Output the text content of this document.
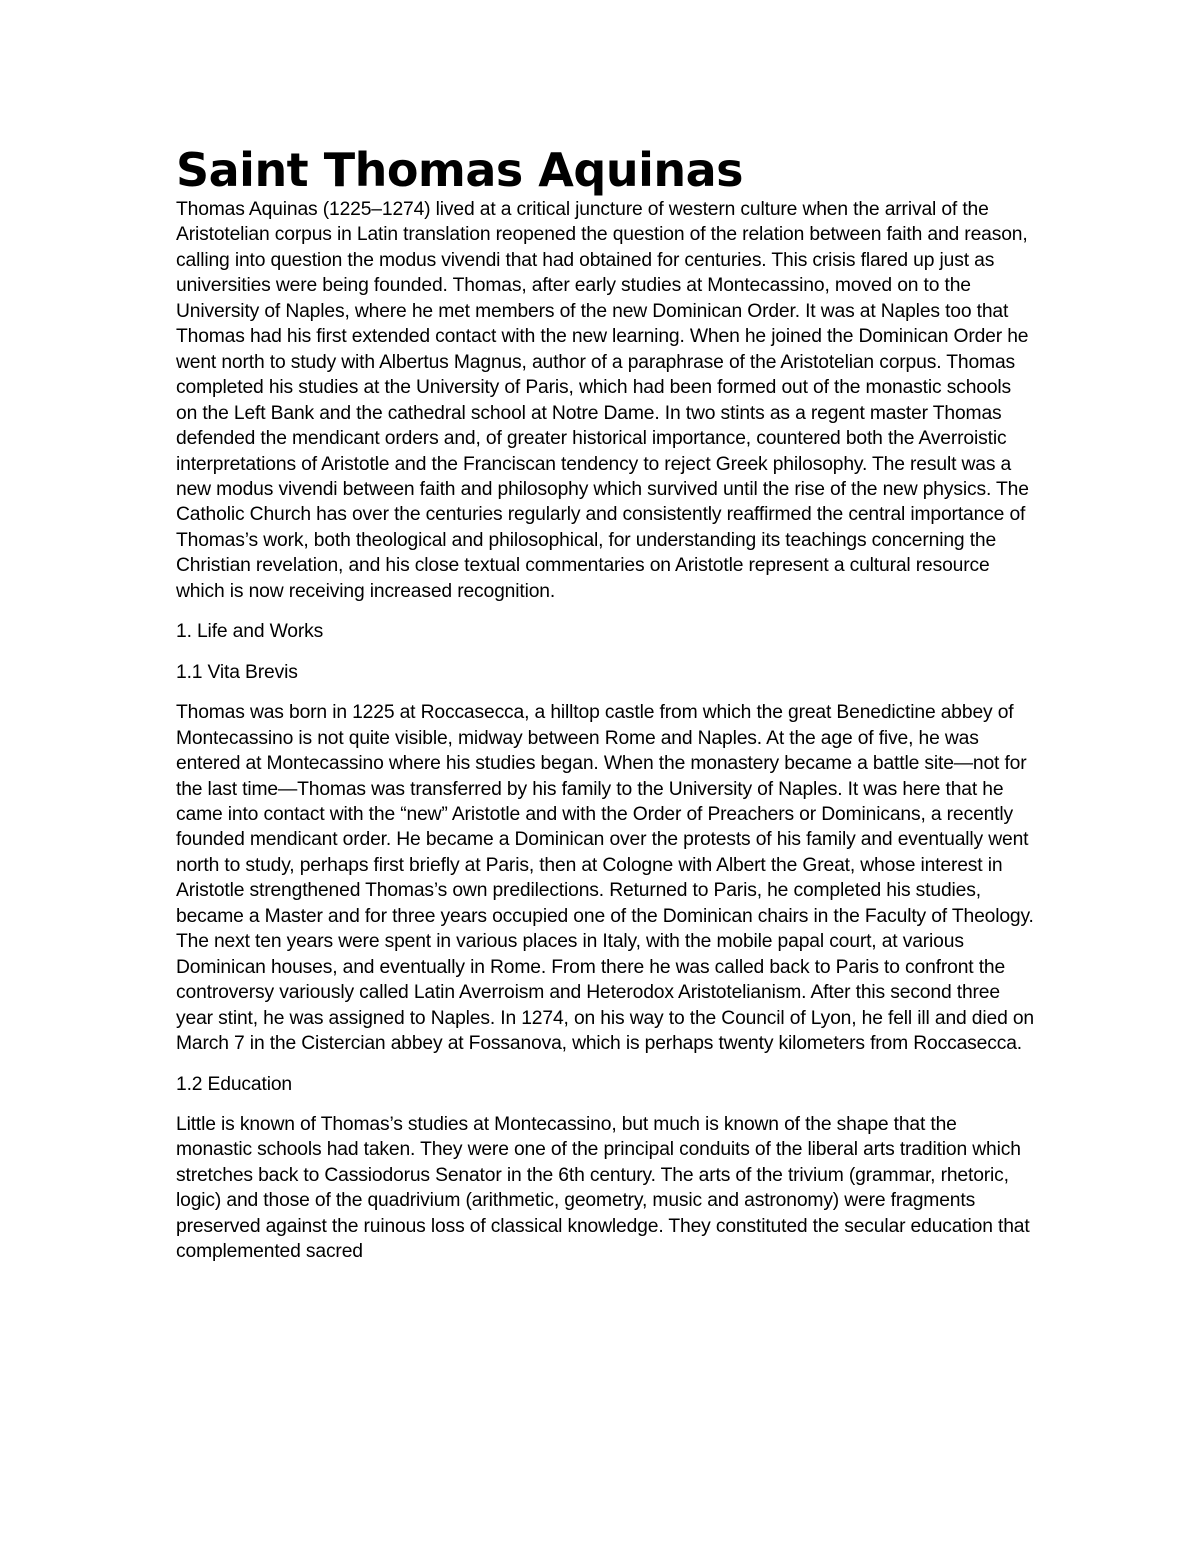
Saint Thomas Aquinas

Thomas Aquinas (1225–1274) lived at a critical juncture of western culture when the arrival of the Aristotelian corpus in Latin translation reopened the question of the relation between faith and reason, calling into question the modus vivendi that had obtained for centuries. This crisis flared up just as universities were being founded. Thomas, after early studies at Montecassino, moved on to the University of Naples, where he met members of the new Dominican Order. It was at Naples too that Thomas had his first extended contact with the new learning. When he joined the Dominican Order he went north to study with Albertus Magnus, author of a paraphrase of the Aristotelian corpus. Thomas completed his studies at the University of Paris, which had been formed out of the monastic schools on the Left Bank and the cathedral school at Notre Dame. In two stints as a regent master Thomas defended the mendicant orders and, of greater historical importance, countered both the Averroistic interpretations of Aristotle and the Franciscan tendency to reject Greek philosophy. The result was a new modus vivendi between faith and philosophy which survived until the rise of the new physics. The Catholic Church has over the centuries regularly and consistently reaffirmed the central importance of Thomas’s work, both theological and philosophical, for understanding its teachings concerning the Christian revelation, and his close textual commentaries on Aristotle represent a cultural resource which is now receiving increased recognition.

1. Life and Works

1.1 Vita Brevis

Thomas was born in 1225 at Roccasecca, a hilltop castle from which the great Benedictine abbey of Montecassino is not quite visible, midway between Rome and Naples. At the age of five, he was entered at Montecassino where his studies began. When the monastery became a battle site—not for the last time—Thomas was transferred by his family to the University of Naples. It was here that he came into contact with the “new” Aristotle and with the Order of Preachers or Dominicans, a recently founded mendicant order. He became a Dominican over the protests of his family and eventually went north to study, perhaps first briefly at Paris, then at Cologne with Albert the Great, whose interest in Aristotle strengthened Thomas’s own predilections. Returned to Paris, he completed his studies, became a Master and for three years occupied one of the Dominican chairs in the Faculty of Theology. The next ten years were spent in various places in Italy, with the mobile papal court, at various Dominican houses, and eventually in Rome. From there he was called back to Paris to confront the controversy variously called Latin Averroism and Heterodox Aristotelianism. After this second three year stint, he was assigned to Naples. In 1274, on his way to the Council of Lyon, he fell ill and died on March 7 in the Cistercian abbey at Fossanova, which is perhaps twenty kilometers from Roccasecca.

1.2 Education

Little is known of Thomas’s studies at Montecassino, but much is known of the shape that the monastic schools had taken. They were one of the principal conduits of the liberal arts tradition which stretches back to Cassiodorus Senator in the 6th century. The arts of the trivium (grammar, rhetoric, logic) and those of the quadrivium (arithmetic, geometry, music and astronomy) were fragments preserved against the ruinous loss of classical knowledge. They constituted the secular education that complemented sacred
